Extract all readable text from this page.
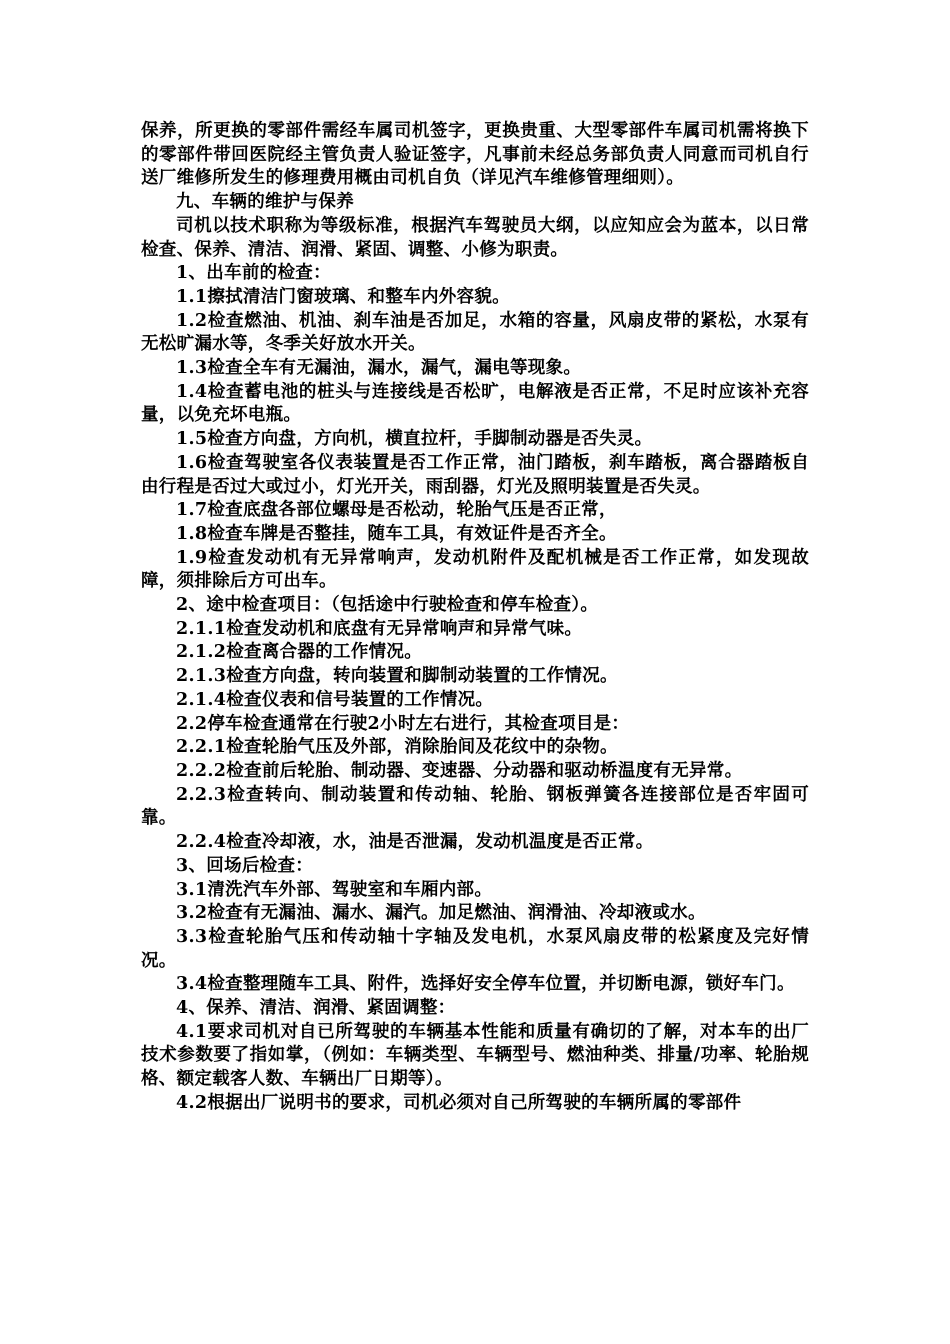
保养，所更换的零部件需经车属司机签字，更换贵重、大型零部件车属司机需将换下的零部件带回医院经主管负责人验证签字，凡事前未经总务部负责人同意而司机自行送厂维修所发生的修理费用概由司机自负（详见汽车维修管理细则）。

九、车辆的维护与保养

司机以技术职称为等级标准，根据汽车驾驶员大纲，以应知应会为蓝本，以日常检查、保养、清洁、润滑、紧固、调整、小修为职责。

1、出车前的检查：

1.1擦拭清洁门窗玻璃、和整车内外容貌。

1.2检查燃油、机油、刹车油是否加足，水箱的容量，风扇皮带的紧松，水泵有无松旷漏水等，冬季关好放水开关。

1.3检查全车有无漏油，漏水，漏气，漏电等现象。

1.4检查蓄电池的桩头与连接线是否松旷，电解液是否正常，不足时应该补充容量，以免充坏电瓶。

1.5检查方向盘，方向机，横直拉杆，手脚制动器是否失灵。

1.6检查驾驶室各仪表装置是否工作正常，油门踏板，刹车踏板，离合器踏板自由行程是否过大或过小，灯光开关，雨刮器，灯光及照明装置是否失灵。

1.7检查底盘各部位螺母是否松动，轮胎气压是否正常，

1.8检查车牌是否整挂，随车工具，有效证件是否齐全。

1.9检查发动机有无异常响声，发动机附件及配机械是否工作正常，如发现故障，须排除后方可出车。

2、途中检查项目：（包括途中行驶检查和停车检查）。

2.1.1检查发动机和底盘有无异常响声和异常气味。

2.1.2检查离合器的工作情况。

2.1.3检查方向盘，转向装置和脚制动装置的工作情况。

2.1.4检查仪表和信号装置的工作情况。

2.2停车检查通常在行驶2小时左右进行，其检查项目是：

2.2.1检查轮胎气压及外部，消除胎间及花纹中的杂物。

2.2.2检查前后轮胎、制动器、变速器、分动器和驱动桥温度有无异常。

2.2.3检查转向、制动装置和传动轴、轮胎、钢板弹簧各连接部位是否牢固可靠。

2.2.4检查冷却液，水，油是否泄漏，发动机温度是否正常。

3、回场后检查：

3.1清洗汽车外部、驾驶室和车厢内部。

3.2检查有无漏油、漏水、漏汽。加足燃油、润滑油、冷却液或水。

3.3检查轮胎气压和传动轴十字轴及发电机，水泵风扇皮带的松紧度及完好情况。

3.4检查整理随车工具、附件，选择好安全停车位置，并切断电源，锁好车门。

4、保养、清洁、润滑、紧固调整：

4.1要求司机对自已所驾驶的车辆基本性能和质量有确切的了解，对本车的出厂技术参数要了指如掌，（例如：车辆类型、车辆型号、燃油种类、排量/功率、轮胎规格、额定载客人数、车辆出厂日期等）。

4.2根据出厂说明书的要求，司机必须对自己所驾驶的车辆所属的零部件
